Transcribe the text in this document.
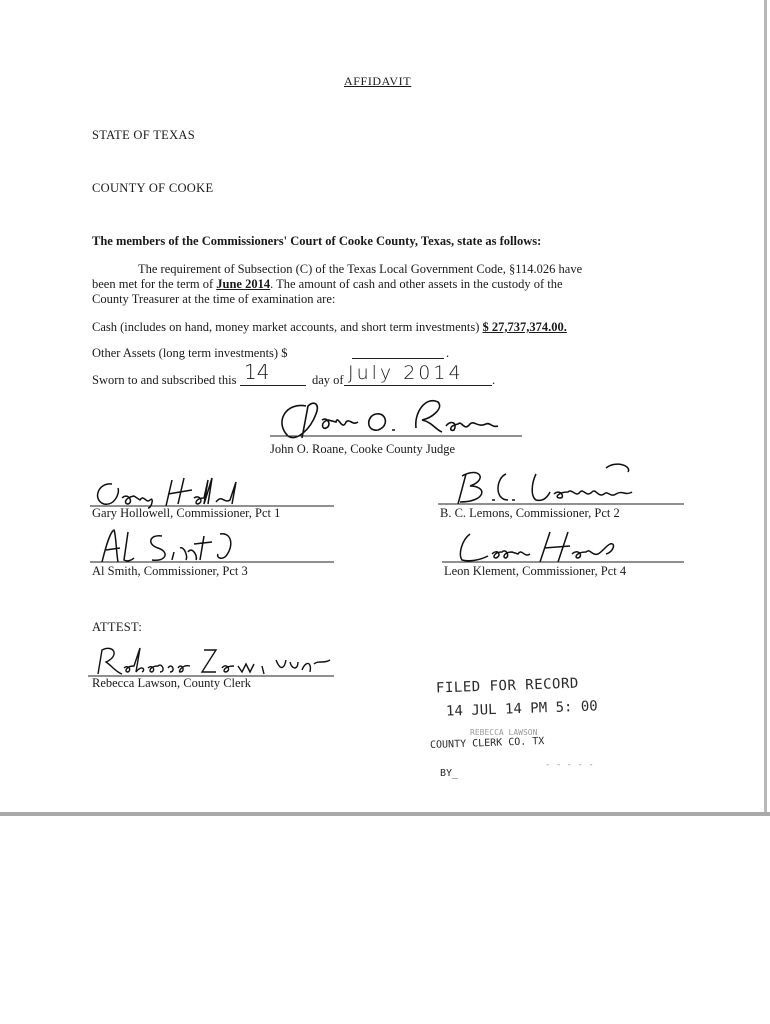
AFFIDAVIT
STATE OF TEXAS
COUNTY OF COOKE
The members of the Commissioners' Court of Cooke County, Texas, state as follows:
The requirement of Subsection (C) of the Texas Local Government Code, §114.026 have
been met for the term of June 2014. The amount of cash and other assets in the custody of the
County Treasurer at the time of examination are:
Cash (includes on hand, money market accounts, and short term investments) $ 27,737,374.00.
Other Assets (long term investments) $	.
Sworn to and subscribed this 14	day of July 2014 .
John O. Roane, Cooke County Judge
Gary Hollowell, Commissioner, Pct 1	B. C. Lemons, Commissioner, Pct 2
Al Smith, Commissioner, Pct 3	Leon Klement, Commissioner, Pct 4
ATTEST:
Rebecca Lawson, County Clerk	FILED FOR RECORD
14 JUL 14 PM 5: 00
REBECCA LAWSON
COUNTY CLERK CO. TX
BY_
- - - - -
